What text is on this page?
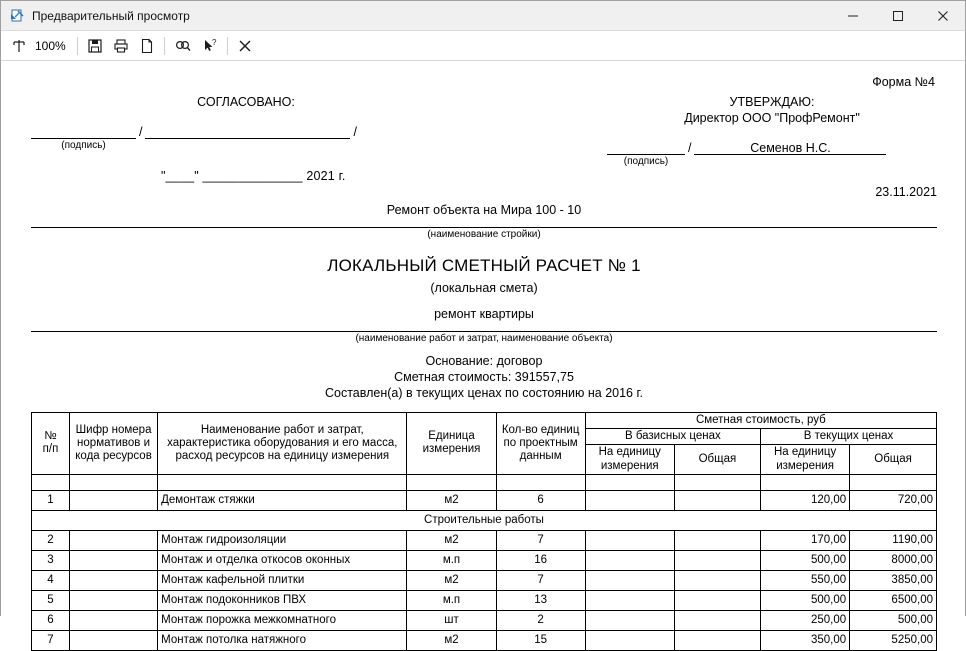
Предварительный просмотр
100%	?
Форма №4
СОГЛАСОВАНО:
/	/
(подпись)
"____" ______________ 2021 г.
УТВЕРЖДАЮ:
Директор ООО "ПрофРемонт"
/	Семенов Н.С.
(подпись)
23.11.2021
Ремонт объекта на Мира 100 - 10
(наименование стройки)
ЛОКАЛЬНЫЙ СМЕТНЫЙ РАСЧЕТ № 1
(локальная смета)
ремонт квартиры
(наименование работ и затрат, наименование объекта)
Основание: договор
Сметная стоимость: 391557,75
Составлен(а) в текущих ценах по состоянию на 2016 г.
№
п/п	Шифр номера нормативов и кода ресурсов	Наименование работ и затрат, характеристика оборудования и его масса, расход ресурсов на единицу измерения	Единица измерения	Кол-во единиц по проектным данным	Сметная стоимость, руб			
					В базисных ценах		В текущих ценах	
					На единицу измерения	Общая	На единицу измерения	Общая

1		Демонтаж стяжки	м2	6			120,00	720,00
Строительные работы								
2		Монтаж гидроизоляции	м2	7			170,00	1190,00
3		Монтаж и отделка откосов оконных	м.п	16			500,00	8000,00
4		Монтаж кафельной плитки	м2	7			550,00	3850,00
5		Монтаж подоконников ПВХ	м.п	13			500,00	6500,00
6		Монтаж порожка межкомнатного	шт	2			250,00	500,00
7		Монтаж потолка натяжного	м2	15			350,00	5250,00
